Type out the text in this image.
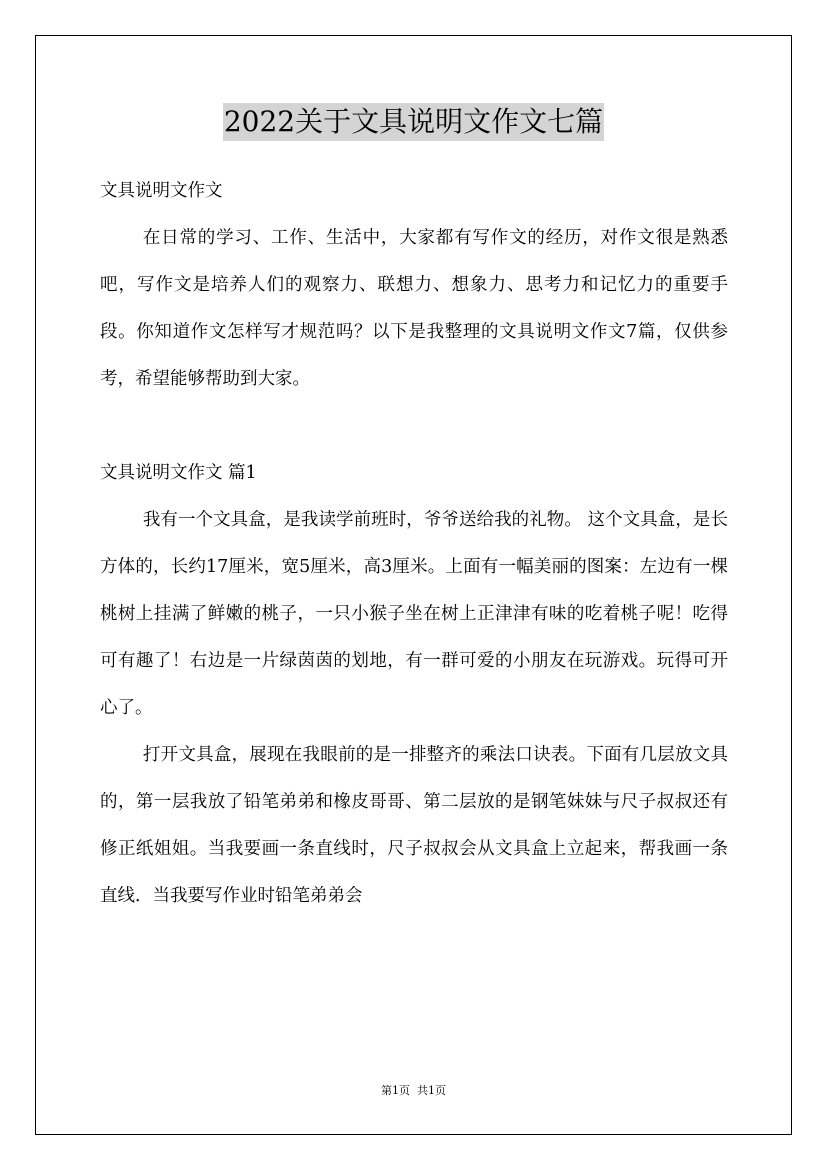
2022关于文具说明文作文七篇

文具说明文作文

在日常的学习、工作、生活中，大家都有写作文的经历，对作文很是熟悉吧，写作文是培养人们的观察力、联想力、想象力、思考力和记忆力的重要手段。你知道作文怎样写才规范吗？以下是我整理的文具说明文作文7篇，仅供参考，希望能够帮助到大家。

文具说明文作文 篇1

我有一个文具盒，是我读学前班时，爷爷送给我的礼物。 这个文具盒，是长方体的，长约17厘米，宽5厘米，高3厘米。上面有一幅美丽的图案：左边有一棵桃树上挂满了鲜嫩的桃子，一只小猴子坐在树上正津津有味的吃着桃子呢！吃得可有趣了！右边是一片绿茵茵的划地，有一群可爱的小朋友在玩游戏。玩得可开心了。

打开文具盒，展现在我眼前的是一排整齐的乘法口诀表。下面有几层放文具的，第一层我放了铅笔弟弟和橡皮哥哥、第二层放的是钢笔妹妹与尺子叔叔还有修正纸姐姐。当我要画一条直线时，尺子叔叔会从文具盒上立起来，帮我画一条直线．当我要写作业时铅笔弟弟会

第1页 共1页
